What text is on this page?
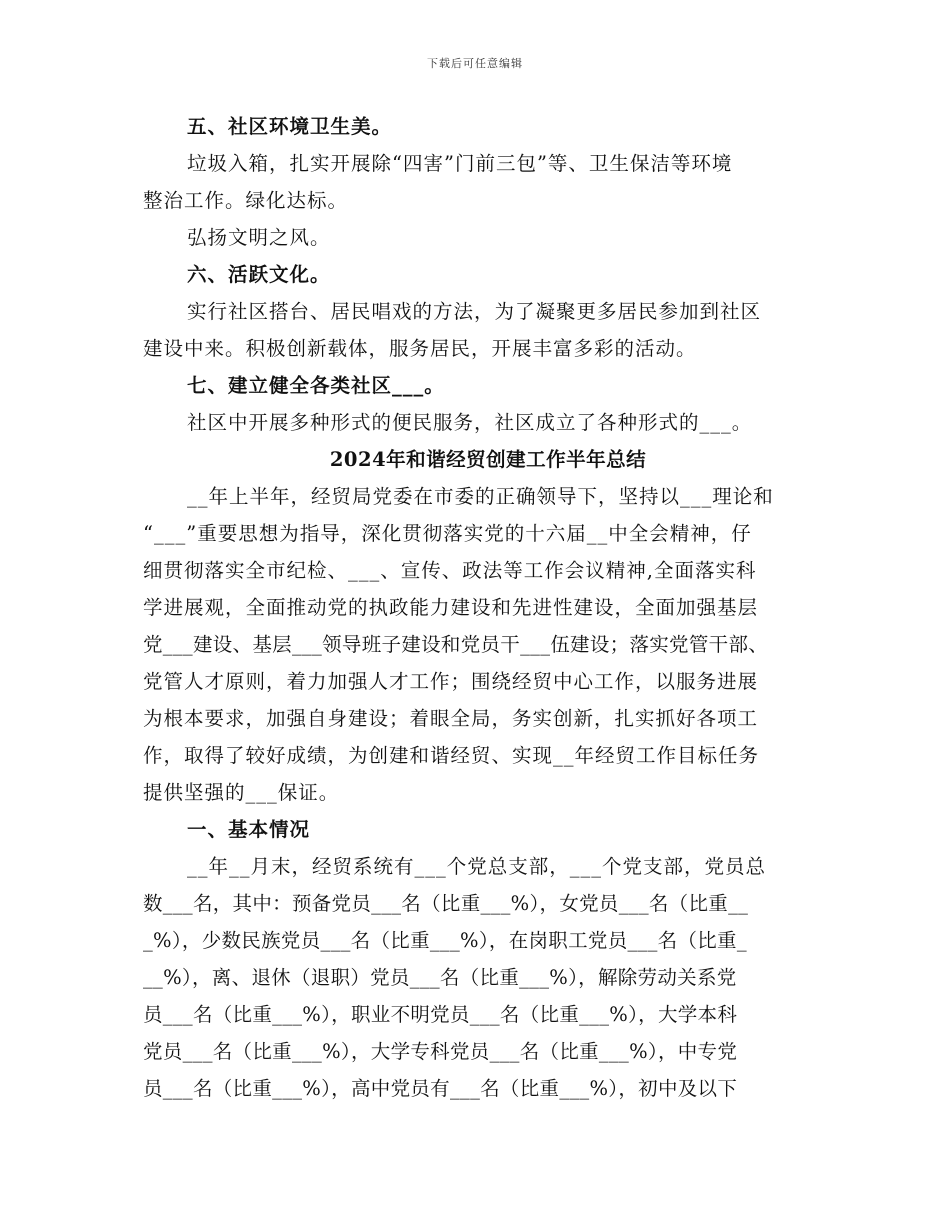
下载后可任意编辑
五、社区环境卫生美。
垃圾入箱，扎实开展除“四害”门前三包”等、卫生保洁等环境
整治工作。绿化达标。
弘扬文明之风。
六、活跃文化。
实行社区搭台、居民唱戏的方法，为了凝聚更多居民参加到社区
建设中来。积极创新载体，服务居民，开展丰富多彩的活动。
七、建立健全各类社区___。
社区中开展多种形式的便民服务，社区成立了各种形式的___。
2024年和谐经贸创建工作半年总结
__年上半年，经贸局党委在市委的正确领导下，坚持以___理论和
“___”重要思想为指导，深化贯彻落实党的十六届__中全会精神，仔
细贯彻落实全市纪检、___、宣传、政法等工作会议精神,全面落实科
学进展观，全面推动党的执政能力建设和先进性建设，全面加强基层
党___建设、基层___领导班子建设和党员干___伍建设；落实党管干部、
党管人才原则，着力加强人才工作；围绕经贸中心工作，以服务进展
为根本要求，加强自身建设；着眼全局，务实创新，扎实抓好各项工
作，取得了较好成绩，为创建和谐经贸、实现__年经贸工作目标任务
提供坚强的___保证。
一、基本情况
__年__月末，经贸系统有___个党总支部，___个党支部，党员总
数___名，其中：预备党员___名（比重___%），女党员___名（比重__
_%），少数民族党员___名（比重___%），在岗职工党员___名（比重_
__%），离、退休（退职）党员___名（比重___%），解除劳动关系党
员___名（比重___%），职业不明党员___名（比重___%），大学本科
党员___名（比重___%），大学专科党员___名（比重___%），中专党
员___名（比重___%），高中党员有___名（比重___%），初中及以下
